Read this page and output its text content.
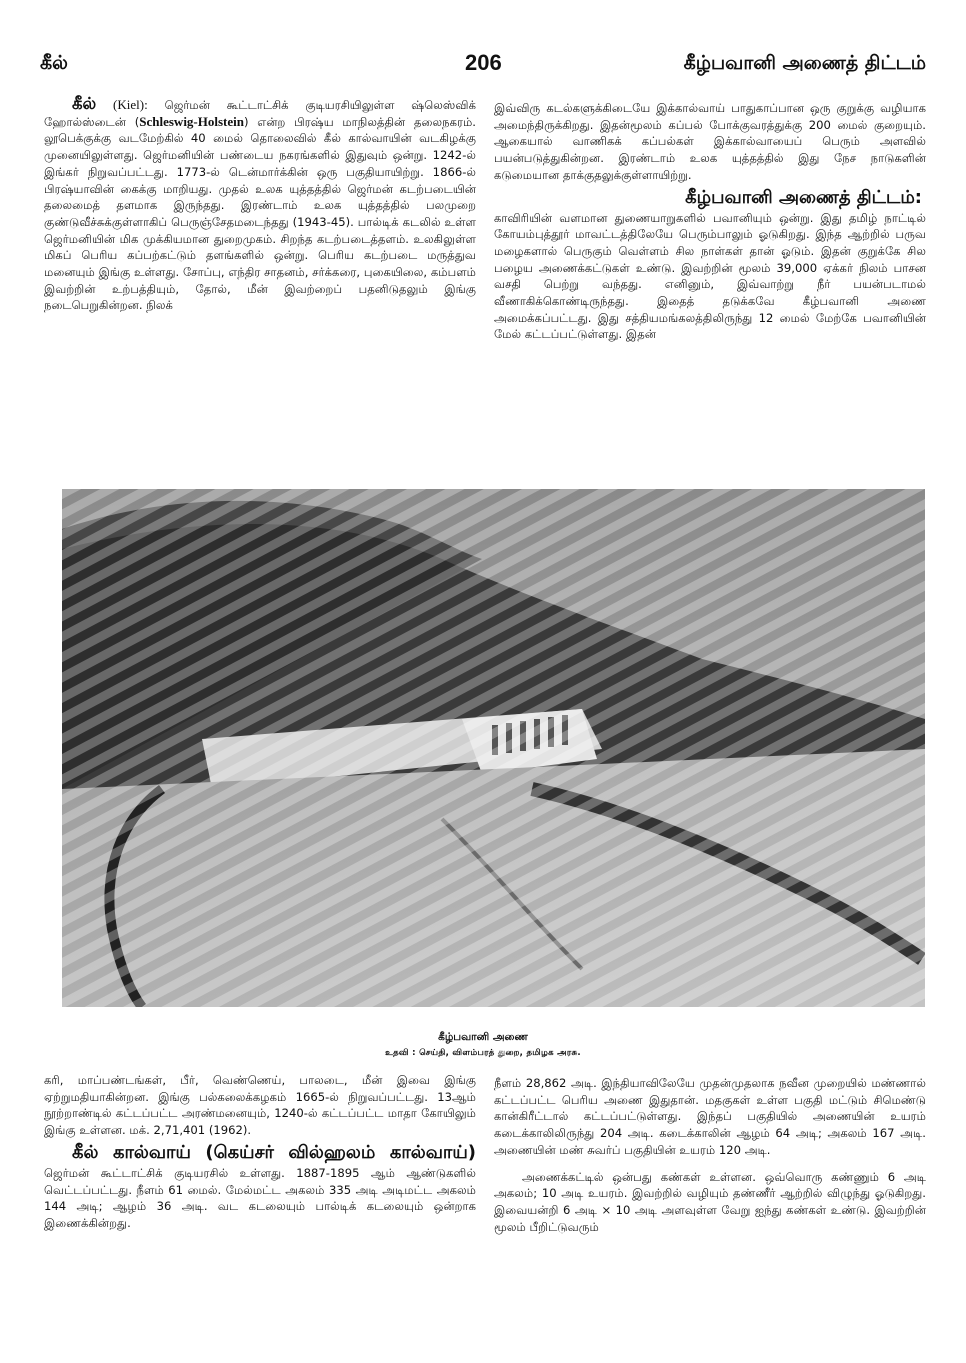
கீல்	206	கீழ்பவானி அணைத் திட்டம்

கீல் (Kiel): ஜெர்மன் கூட்டாட்சிக் குடியரசியிலுள்ள ஷ்லெஸ்விக் ஹோல்ஸ்டைன் (Schleswig-Holstein) என்ற பிரஷ்ய மாநிலத்தின் தலைநகரம். லூபெக்குக்கு வடமேற்கில் 40 மைல் தொலைவில் கீல் கால்வாயின் வடகிழக்கு முனையிலுள்ளது. ஜெர்மனியின் பண்டைய நகரங்களில் இதுவும் ஒன்று. 1242-ல் இங்கர் நிறுவப்பட்டது. 1773-ல் டென்மார்க்கின் ஒரு பகுதியாயிற்று. 1866-ல் பிரஷ்யாவின் கைக்கு மாறியது. முதல் உலக யுத்தத்தில் ஜெர்மன் கடற்படையின் தலைமைத் தளமாக இருந்தது. இரண்டாம் உலக யுத்தத்தில் பலமுறை குண்டுவீச்சுக்குள்ளாகிப் பெருஞ்சேதமடைந்தது (1943-45). பால்டிக் கடலில் உள்ள ஜெர்மனியின் மிக முக்கியமான துறைமுகம். சிறந்த கடற்படைத்தளம். உலகிலுள்ள மிகப் பெரிய கப்பற்கட்டும் தளங்களில் ஒன்று. பெரிய கடற்படை மருத்துவ மனையும் இங்கு உள்ளது. சோப்பு, எந்திர சாதனம், சர்க்கரை, புகையிலை, கம்பளம் இவற்றின் உற்பத்தியும், தோல், மீன் இவற்றைப் பதனிடுதலும் இங்கு நடைபெறுகின்றன. நிலக்

இவ்விரு கடல்களுக்கிடையே இக்கால்வாய் பாதுகாப்பான ஒரு குறுக்கு வழியாக அமைந்திருக்கிறது. இதன்மூலம் கப்பல் போக்குவரத்துக்கு 200 மைல் குறையும். ஆகையால் வாணிகக் கப்பல்கள் இக்கால்வாயைப் பெரும் அளவில் பயன்படுத்துகின்றன. இரண்டாம் உலக யுத்தத்தில் இது நேச நாடுகளின் கடுமையான தாக்குதலுக்குள்ளாயிற்று.

கீழ்பவானி அணைத் திட்டம்:

காவிரியின் வளமான துணையாறுகளில் பவானியும் ஒன்று. இது தமிழ் நாட்டில் கோயம்புத்தூர் மாவட்டத்திலேயே பெரும்பாலும் ஓடுகிறது. இந்த ஆற்றில் பருவ மழைகளால் பெருகும் வெள்ளம் சில நாள்கள் தான் ஓடும். இதன் குறுக்கே சில பழைய அணைக்கட்டுகள் உண்டு. இவற்றின் மூலம் 39,000 ஏக்கர் நிலம் பாசன வசதி பெற்று வந்தது. எனினும், இவ்வாற்று நீர் பயன்படாமல் வீணாகிக்கொண்டிருந்தது. இதைத் தடுக்கவே கீழ்பவானி அணை அமைக்கப்பட்டது. இது சத்தியமங்கலத்திலிருந்து 12 மைல் மேற்கே பவானியின் மேல் கட்டப்பட்டுள்ளது. இதன்

கீழ்பவானி அணை
உதவி : செய்தி, விளம்பரத் துறை, தமிழக அரசு.

கரி, மாப்பண்டங்கள், பீர், வெண்ணெய், பாலடை, மீன் இவை இங்கு ஏற்றுமதியாகின்றன. இங்கு பல்கலைக்கழகம் 1665-ல் நிறுவப்பட்டது. 13ஆம் நூற்றாண்டில் கட்டப்பட்ட அரண்மனையும், 1240-ல் கட்டப்பட்ட மாதா கோயிலும் இங்கு உள்ளன. மக். 2,71,401 (1962).

கீல் கால்வாய் (கெய்சர் வில்ஹலம் கால்வாய்) ஜெர்மன் கூட்டாட்சிக் குடியரசில் உள்ளது. 1887-1895 ஆம் ஆண்டுகளில் வெட்டப்பட்டது. நீளம் 61 மைல். மேல்மட்ட அகலம் 335 அடி அடிமட்ட அகலம் 144 அடி; ஆழம் 36 அடி. வட கடலையும் பால்டிக் கடலையும் ஒன்றாக இணைக்கின்றது.

நீளம் 28,862 அடி. இந்தியாவிலேயே முதன்முதலாக நவீன முறையில் மண்ணால் கட்டப்பட்ட பெரிய அணை இதுதான். மதகுகள் உள்ள பகுதி மட்டும் சிமெண்டு கான்கிரீட்டால் கட்டப்பட்டுள்ளது. இந்தப் பகுதியில் அணையின் உயரம் கடைக்காலிலிருந்து 204 அடி. கடைக்காலின் ஆழம் 64 அடி; அகலம் 167 அடி. அணையின் மண் சுவர்ப் பகுதியின் உயரம் 120 அடி.

அணைக்கட்டில் ஒன்பது கண்கள் உள்ளன. ஒவ்வொரு கண்ணும் 6 அடி அகலம்; 10 அடி உயரம். இவற்றில் வழியும் தண்ணீர் ஆற்றில் விழுந்து ஓடுகிறது. இவையன்றி 6 அடி × 10 அடி அளவுள்ள வேறு ஐந்து கண்கள் உண்டு. இவற்றின் மூலம் பீறிட்டுவரும்
